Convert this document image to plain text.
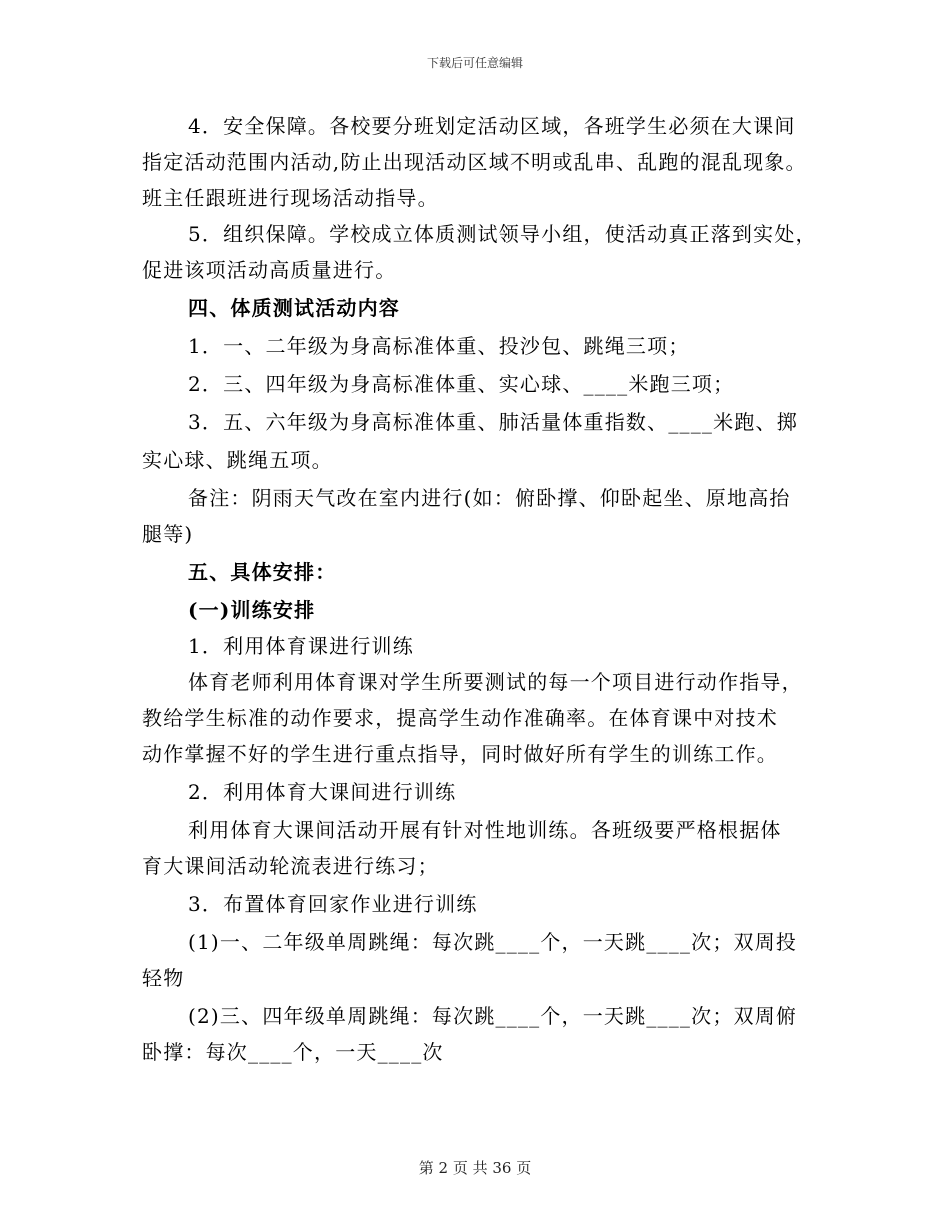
下载后可任意编辑
4．安全保障。各校要分班划定活动区域，各班学生必须在大课间
指定活动范围内活动,防止出现活动区域不明或乱串、乱跑的混乱现象。
班主任跟班进行现场活动指导。
5．组织保障。学校成立体质测试领导小组，使活动真正落到实处，
促进该项活动高质量进行。
四、体质测试活动内容
1．一、二年级为身高标准体重、投沙包、跳绳三项；
2．三、四年级为身高标准体重、实心球、____米跑三项；
3．五、六年级为身高标准体重、肺活量体重指数、____米跑、掷
实心球、跳绳五项。
备注：阴雨天气改在室内进行(如：俯卧撑、仰卧起坐、原地高抬
腿等)
五、具体安排：
(一)训练安排
1．利用体育课进行训练
体育老师利用体育课对学生所要测试的每一个项目进行动作指导，
教给学生标准的动作要求，提高学生动作准确率。在体育课中对技术
动作掌握不好的学生进行重点指导，同时做好所有学生的训练工作。
2．利用体育大课间进行训练
利用体育大课间活动开展有针对性地训练。各班级要严格根据体
育大课间活动轮流表进行练习；
3．布置体育回家作业进行训练
(1)一、二年级单周跳绳：每次跳____个，一天跳____次；双周投
轻物
(2)三、四年级单周跳绳：每次跳____个，一天跳____次；双周俯
卧撑：每次____个，一天____次
第 2 页 共 36 页
